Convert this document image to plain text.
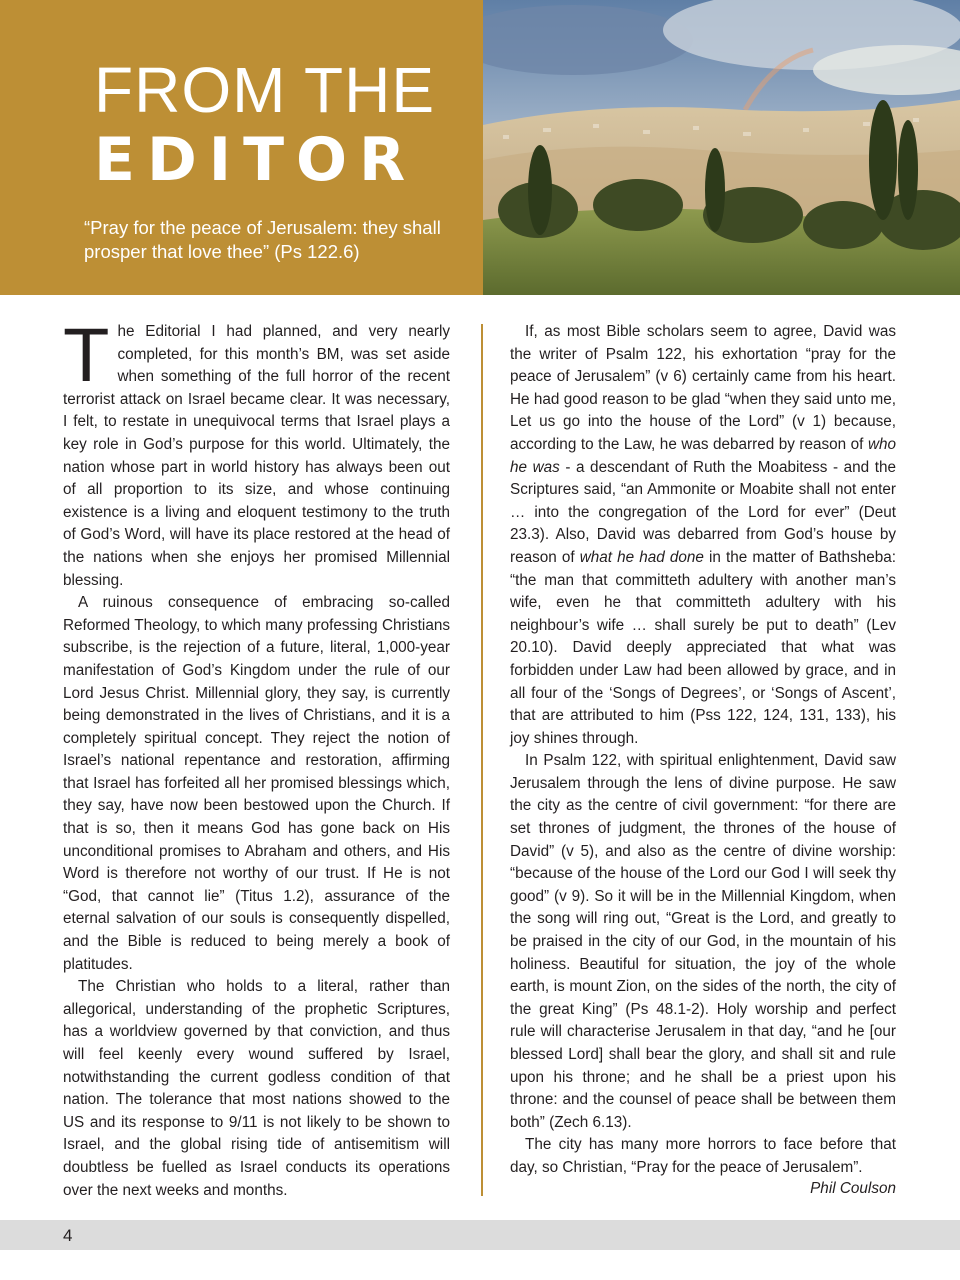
FROM THE
EDITOR
“Pray for the peace of Jerusalem: they shall prosper that love thee” (Ps 122.6)

The Editorial I had planned, and very nearly completed, for this month’s BM, was set aside when something of the full horror of the recent terrorist attack on Israel became clear. It was necessary, I felt, to restate in unequivocal terms that Israel plays a key role in God’s purpose for this world. Ultimately, the nation whose part in world history has always been out of all proportion to its size, and whose continuing existence is a living and eloquent testimony to the truth of God’s Word, will have its place restored at the head of the nations when she enjoys her promised Millennial blessing.

A ruinous consequence of embracing so-called Reformed Theology, to which many professing Christians subscribe, is the rejection of a future, literal, 1,000-year manifestation of God’s Kingdom under the rule of our Lord Jesus Christ. Millennial glory, they say, is currently being demonstrated in the lives of Christians, and it is a completely spiritual concept. They reject the notion of Israel’s national repentance and restoration, affirming that Israel has forfeited all her promised blessings which, they say, have now been bestowed upon the Church. If that is so, then it means God has gone back on His unconditional promises to Abraham and others, and His Word is therefore not worthy of our trust. If He is not “God, that cannot lie” (Titus 1.2), assurance of the eternal salvation of our souls is consequently dispelled, and the Bible is reduced to being merely a book of platitudes.

The Christian who holds to a literal, rather than allegorical, understanding of the prophetic Scriptures, has a worldview governed by that conviction, and thus will feel keenly every wound suffered by Israel, notwithstanding the current godless condition of that nation. The tolerance that most nations showed to the US and its response to 9/11 is not likely to be shown to Israel, and the global rising tide of antisemitism will doubtless be fuelled as Israel conducts its operations over the next weeks and months.

If, as most Bible scholars seem to agree, David was the writer of Psalm 122, his exhortation “pray for the peace of Jerusalem” (v 6) certainly came from his heart. He had good reason to be glad “when they said unto me, Let us go into the house of the Lord” (v 1) because, according to the Law, he was debarred by reason of who he was - a descendant of Ruth the Moabitess - and the Scriptures said, “an Ammonite or Moabite shall not enter … into the congregation of the Lord for ever” (Deut 23.3). Also, David was debarred from God’s house by reason of what he had done in the matter of Bathsheba: “the man that committeth adultery with another man’s wife, even he that committeth adultery with his neighbour’s wife … shall surely be put to death” (Lev 20.10). David deeply appreciated that what was forbidden under Law had been allowed by grace, and in all four of the ‘Songs of Degrees’, or ‘Songs of Ascent’, that are attributed to him (Pss 122, 124, 131, 133), his joy shines through.

In Psalm 122, with spiritual enlightenment, David saw Jerusalem through the lens of divine purpose. He saw the city as the centre of civil government: “for there are set thrones of judgment, the thrones of the house of David” (v 5), and also as the centre of divine worship: “because of the house of the Lord our God I will seek thy good” (v 9). So it will be in the Millennial Kingdom, when the song will ring out, “Great is the Lord, and greatly to be praised in the city of our God, in the mountain of his holiness. Beautiful for situation, the joy of the whole earth, is mount Zion, on the sides of the north, the city of the great King” (Ps 48.1-2). Holy worship and perfect rule will characterise Jerusalem in that day, “and he [our blessed Lord] shall bear the glory, and shall sit and rule upon his throne; and he shall be a priest upon his throne: and the counsel of peace shall be between them both” (Zech 6.13).

The city has many more horrors to face before that day, so Christian, “Pray for the peace of Jerusalem”.

Phil Coulson
4
